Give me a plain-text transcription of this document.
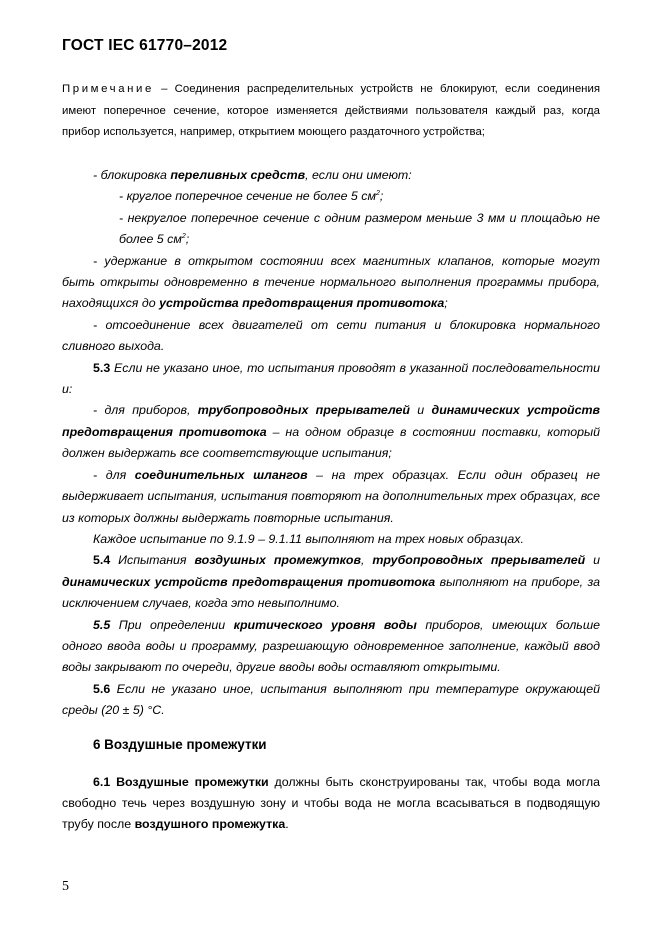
ГОСТ IEC 61770–2012
Примечание – Соединения распределительных устройств не блокируют, если соединения имеют поперечное сечение, которое изменяется действиями пользователя каждый раз, когда прибор используется, например, открытием моющего раздаточного устройства;

- блокировка переливных средств, если они имеют:

- круглое поперечное сечение не более 5 $см^2$;

- некруглое поперечное сечение с одним размером меньше 3 мм и площадью не более 5 $см^2$;

- удержание в открытом состоянии всех магнитных клапанов, которые могут быть открыты одновременно в течение нормального выполнения программы прибора, находящихся до устройства предотвращения противотока;

- отсоединение всех двигателей от сети питания и блокировка нормального сливного выхода.

5.3 Если не указано иное, то испытания проводят в указанной последовательности и:

- для приборов, трубопроводных прерывателей и динамических устройств предотвращения противотока – на одном образце в состоянии поставки, который должен выдержать все соответствующие испытания;

- для соединительных шлангов – на трех образцах. Если один образец не выдерживает испытания, испытания повторяют на дополнительных трех образцах, все из которых должны выдержать повторные испытания.

Каждое испытание по 9.1.9 – 9.1.11 выполняют на трех новых образцах.

5.4 Испытания воздушных промежутков, трубопроводных прерывателей и динамических устройств предотвращения противотока выполняют на приборе, за исключением случаев, когда это невыполнимо.

5.5 При определении критического уровня воды приборов, имеющих больше одного ввода воды и программу, разрешающую одновременное заполнение, каждый ввод воды закрывают по очереди, другие вводы воды оставляют открытыми.

5.6 Если не указано иное, испытания выполняют при температуре окружающей среды (20 ± 5) °С.

6 Воздушные промежутки
6.1 Воздушные промежутки должны быть сконструированы так, чтобы вода могла свободно течь через воздушную зону и чтобы вода не могла всасываться в подводящую трубу после воздушного промежутка.
5
